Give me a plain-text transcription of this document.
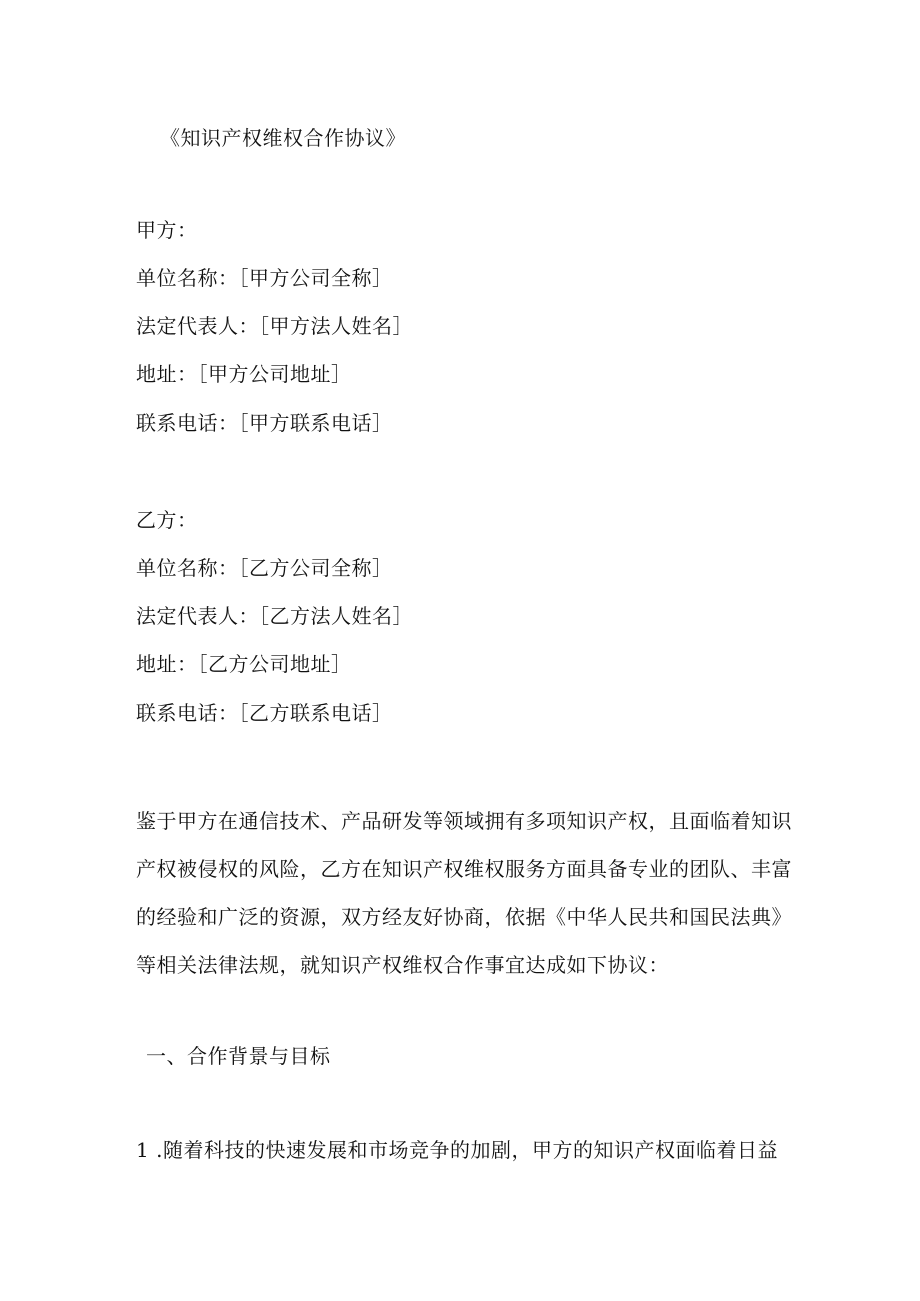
《知识产权维权合作协议》
甲方：
单位名称：［甲方公司全称］
法定代表人：［甲方法人姓名］
地址：［甲方公司地址］
联系电话：［甲方联系电话］
乙方：
单位名称：［乙方公司全称］
法定代表人：［乙方法人姓名］
地址：［乙方公司地址］
联系电话：［乙方联系电话］
鉴于甲方在通信技术、产品研发等领域拥有多项知识产权，且面临着知识
产权被侵权的风险，乙方在知识产权维权服务方面具备专业的团队、丰富
的经验和广泛的资源，双方经友好协商，依据《中华人民共和国民法典》
等相关法律法规，就知识产权维权合作事宜达成如下协议：
一、合作背景与目标
1 .随着科技的快速发展和市场竞争的加剧，甲方的知识产权面临着日益
